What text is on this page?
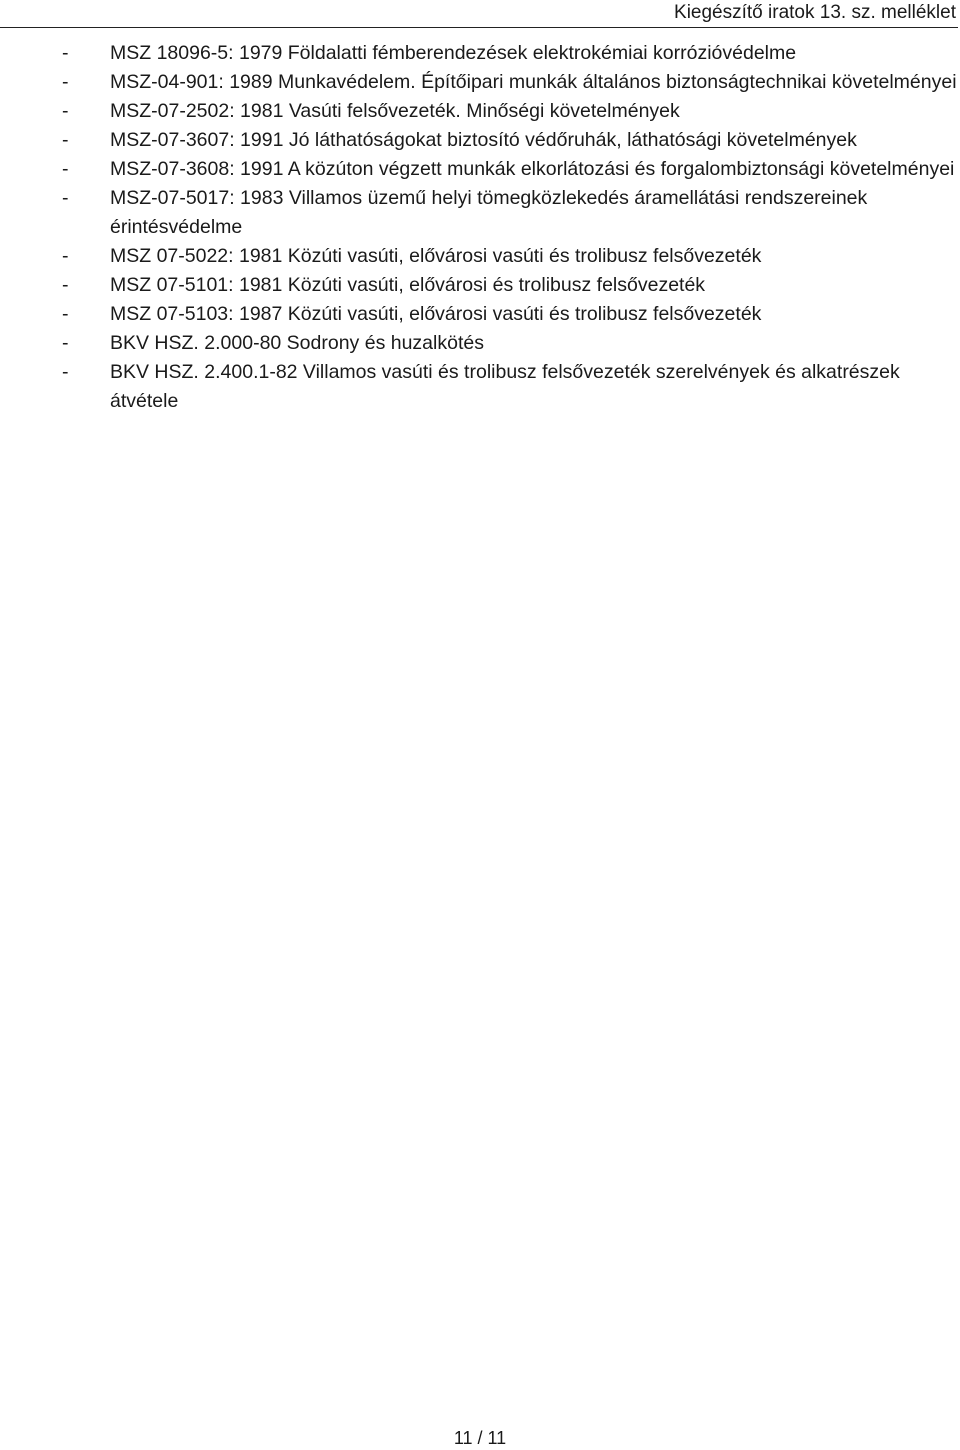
Kiegészítő iratok 13. sz. melléklet
-	MSZ 18096-5: 1979 Földalatti fémberendezések elektrokémiai korrózióvédelme
-	MSZ-04-901: 1989 Munkavédelem. Építőipari munkák általános biztonságtechnikai követelményei
-	MSZ-07-2502: 1981 Vasúti felsővezeték. Minőségi követelmények
-	MSZ-07-3607: 1991 Jó láthatóságokat biztosító védőruhák, láthatósági követelmények
-	MSZ-07-3608: 1991 A közúton végzett munkák elkorlátozási és forgalombiztonsági követelményei
-	MSZ-07-5017: 1983 Villamos üzemű helyi tömegközlekedés áramellátási rendszereinek érintésvédelme
-	MSZ 07-5022: 1981 Közúti vasúti, elővárosi vasúti és trolibusz felsővezeték
-	MSZ 07-5101: 1981 Közúti vasúti, elővárosi és trolibusz felsővezeték
-	MSZ 07-5103: 1987 Közúti vasúti, elővárosi vasúti és trolibusz felsővezeték
-	BKV HSZ. 2.000-80 Sodrony és huzalkötés
-	BKV HSZ. 2.400.1-82 Villamos vasúti és trolibusz felsővezeték szerelvények és alkatrészek átvétele
11 / 11
